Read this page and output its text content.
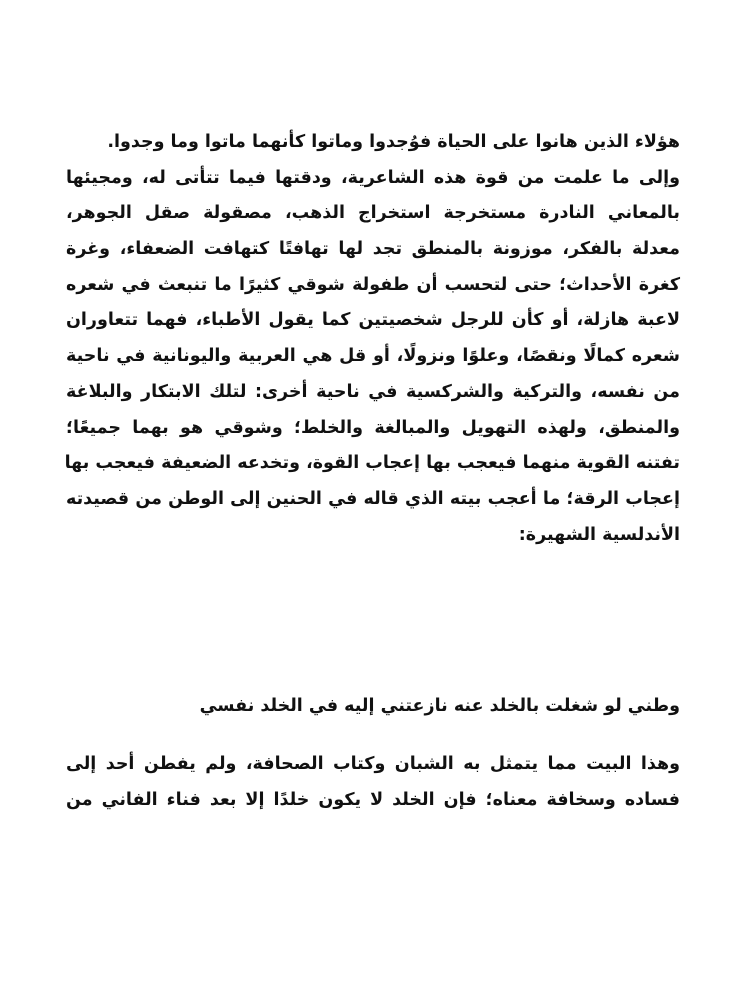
هؤلاء الذين هانوا على الحياة فوُجدوا وماتوا كأنهما ماتوا وما وجدوا.
وإلى ما علمت من قوة هذه الشاعرية، ودقتها فيما تتأتى له، ومجيئها
بالمعاني النادرة مستخرجة استخراج الذهب، مصقولة صقل الجوهر،
معدلة بالفكر، موزونة بالمنطق تجد لها تهافتًا كتهافت الضعفاء، وغرة
كغرة الأحداث؛ حتى لتحسب أن طفولة شوقي كثيرًا ما تنبعث في شعره
لاعبة هازلة، أو كأن للرجل شخصيتين كما يقول الأطباء، فهما تتعاوران
شعره كمالًا ونقصًا، وعلوًا ونزولًا، أو قل هي العربية واليونانية في ناحية
من نفسه، والتركية والشركسية في ناحية أخرى: لتلك الابتكار والبلاغة
والمنطق، ولهذه التهويل والمبالغة والخلط؛ وشوقي هو بهما جميعًا؛
تفتنه القوية منهما فيعجب بها إعجاب القوة، وتخدعه الضعيفة فيعجب بها
إعجاب الرقة؛ ما أعجب بيته الذي قاله في الحنين إلى الوطن من قصيدته
الأندلسية الشهيرة:
وطني لو شغلت بالخلد عنه نازعتني إليه في الخلد نفسي
وهذا البيت مما يتمثل به الشبان وكتاب الصحافة، ولم يفطن أحد إلى
فساده وسخافة معناه؛ فإن الخلد لا يكون خلدًا إلا بعد فناء الفاني من
